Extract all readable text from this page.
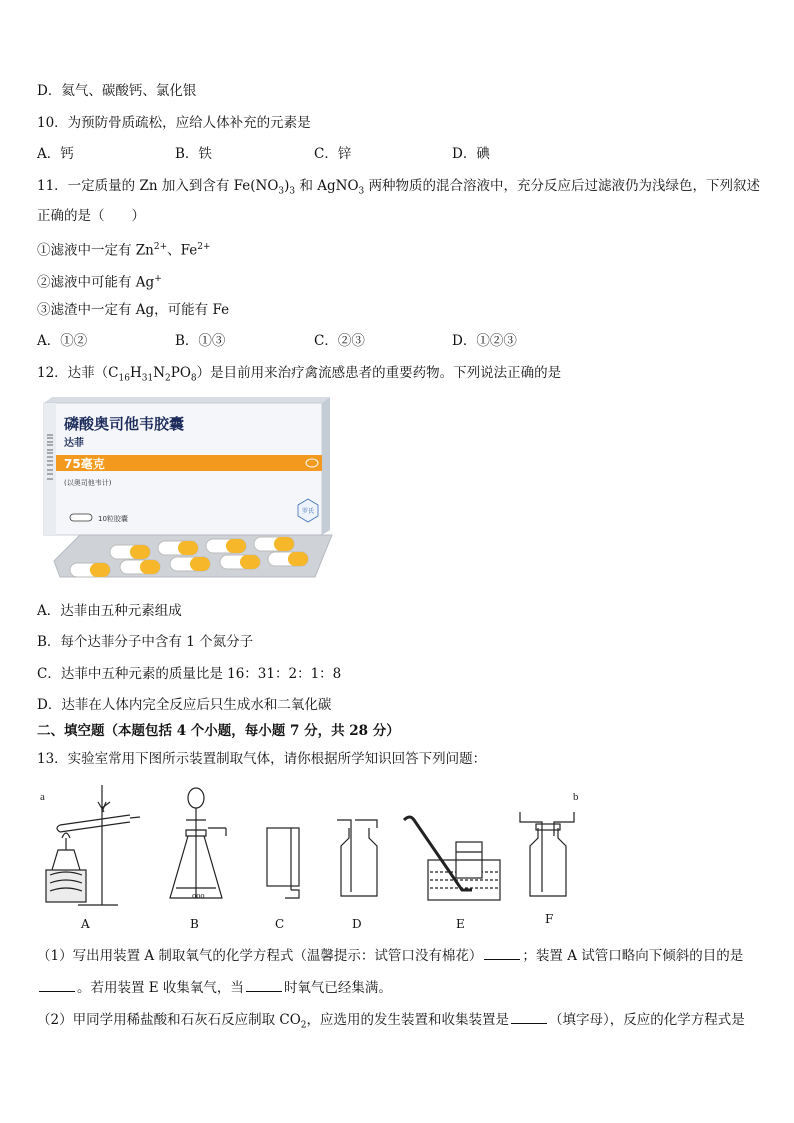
D．氦气、碳酸钙、氯化银
10．为预防骨质疏松，应给人体补充的元素是
A．钙	B．铁	C．锌	D．碘
11．一定质量的 Zn 加入到含有 $Fe(NO_3)_3$ 和 AgNO$_3$ 两种物质的混合溶液中，充分反应后过滤液仍为浅绿色，下列叙述
正确的是（　　）
①滤液中一定有 $Zn^{2+}$、$Fe^{2+}$
②滤液中可能有 Ag+
③滤渣中一定有 Ag，可能有 Fe
A．①②	B．①③	C．②③	D．①②③
12．达菲$(C_{16}H_{31}N_2PO_8)$是目前用来治疗禽流感患者的重要药物。下列说法正确的是
磷酸奥司他韦胶囊
达菲
75毫克
(以奥司他韦计)
10粒胶囊
罗氏
A．达菲由五种元素组成
B．每个达菲分子中含有 1 个氮分子
C．达菲中五种元素的质量比是 16：31：2：1：8
D．达菲在人体内完全反应后只生成水和二氧化碳
二、填空题（本题包括 4 个小题，每小题 7 分，共 28 分）
13．实验室常用下图所示装置制取气体，请你根据所学知识回答下列问题：
ooo
a	b
A	B	C	D	E	F
（1）写出用装置 A 制取氧气的化学方程式（温馨提示：试管口没有棉花）	；装置 A 试管口略向下倾斜的目的是
。若用装置 E 收集氧气，当	时氧气已经集满。
（2）甲同学用稀盐酸和石灰石反应制取 $CO_2$，应选用的发生装置和收集装置是	（填字母），反应的化学方程式是
